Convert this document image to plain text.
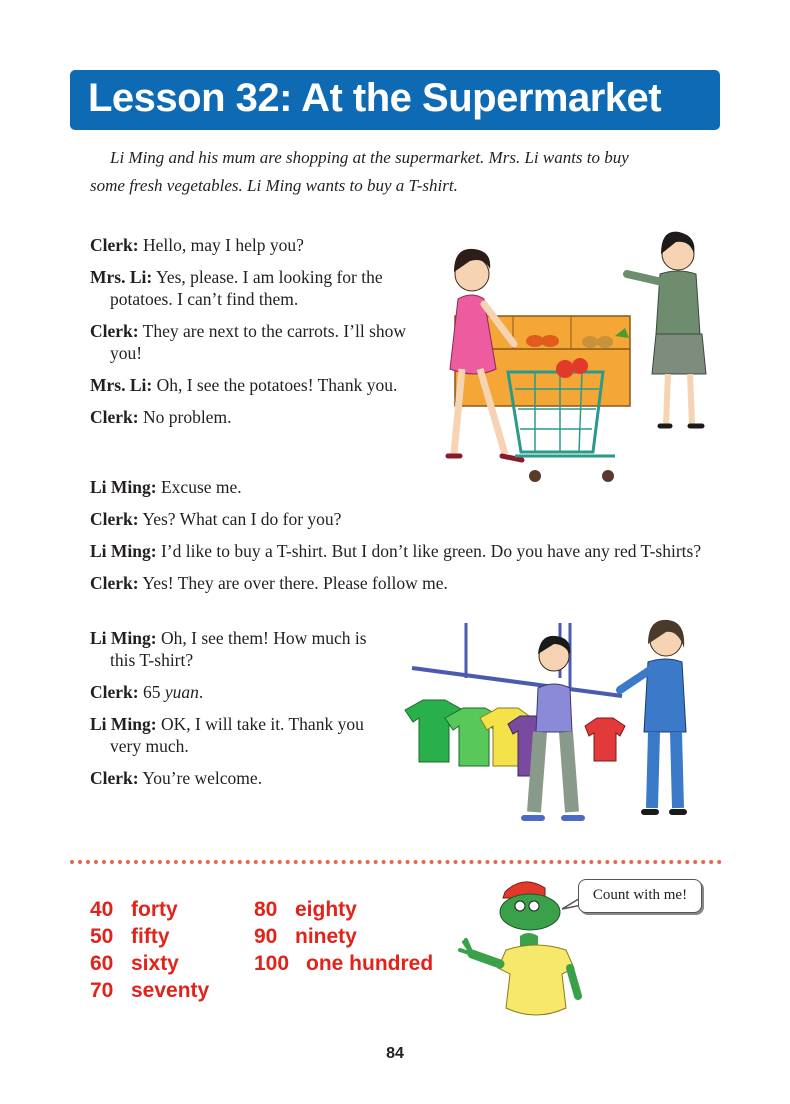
Lesson 32: At the Supermarket
Li Ming and his mum are shopping at the supermarket. Mrs. Li wants to buy
some fresh vegetables. Li Ming wants to buy a T-shirt.

Clerk: Hello, may I help you?

Mrs. Li: Yes, please. I am looking for the potatoes. I can’t find them.

Clerk: They are next to the carrots. I’ll show you!

Mrs. Li: Oh, I see the potatoes! Thank you.

Clerk: No problem.

Li Ming: Excuse me.

Clerk: Yes? What can I do for you?

Li Ming: I’d like to buy a T-shirt. But I don’t like green. Do you have any red T-shirts?

Clerk: Yes! They are over there. Please follow me.

Li Ming: Oh, I see them! How much is this T-shirt?

Clerk: 65 yuan.

Li Ming: OK, I will take it. Thank you very much.

Clerk: You’re welcome.

40 forty
50 fifty
60 sixty
70 seventy
80 eighty
90 ninety
100 one hundred
Count with me!
84
